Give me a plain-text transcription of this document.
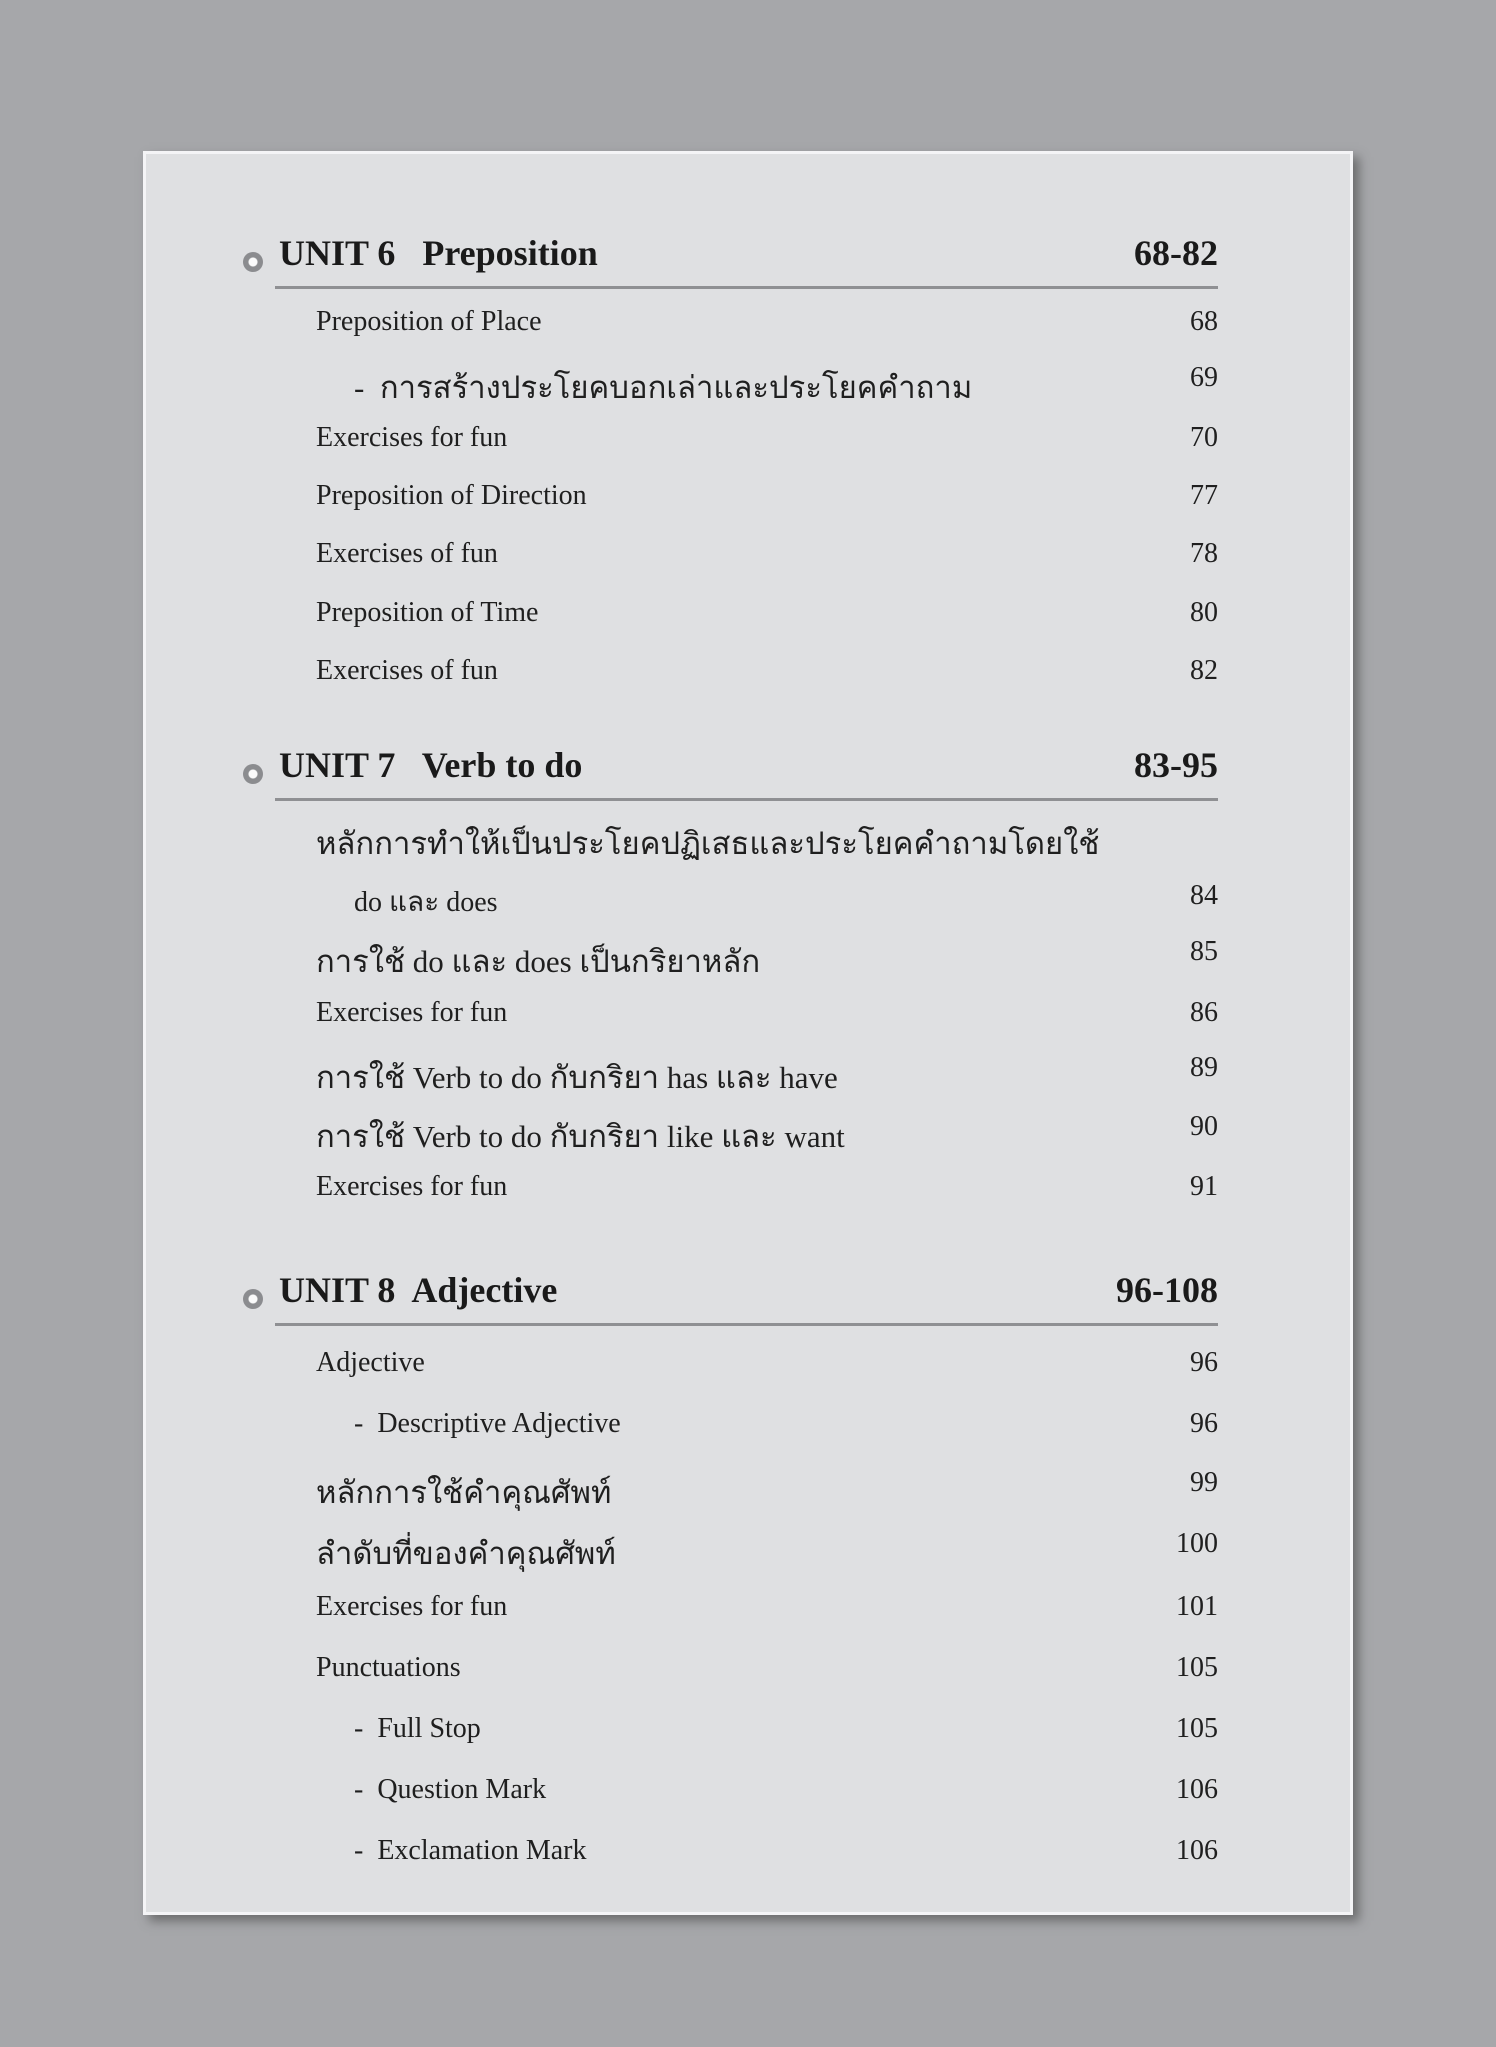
UNIT 6   Preposition	68-82
Preposition of Place	68
-  การสร้างประโยคบอกเล่าและประโยคคำถาม	69
Exercises for fun	70
Preposition of Direction	77
Exercises of fun	78
Preposition of Time	80
Exercises of fun	82
UNIT 7   Verb to do	83-95
หลักการทำให้เป็นประโยคปฏิเสธและประโยคคำถามโดยใช้
do และ does	84
การใช้ do และ does เป็นกริยาหลัก	85
Exercises for fun	86
การใช้ Verb to do กับกริยา has และ have	89
การใช้ Verb to do กับกริยา like และ want	90
Exercises for fun	91
UNIT 8  Adjective	96-108
Adjective	96
-  Descriptive Adjective	96
หลักการใช้คำคุณศัพท์	99
ลำดับที่ของคำคุณศัพท์	100
Exercises for fun	101
Punctuations	105
-  Full Stop	105
-  Question Mark	106
-  Exclamation Mark	106
